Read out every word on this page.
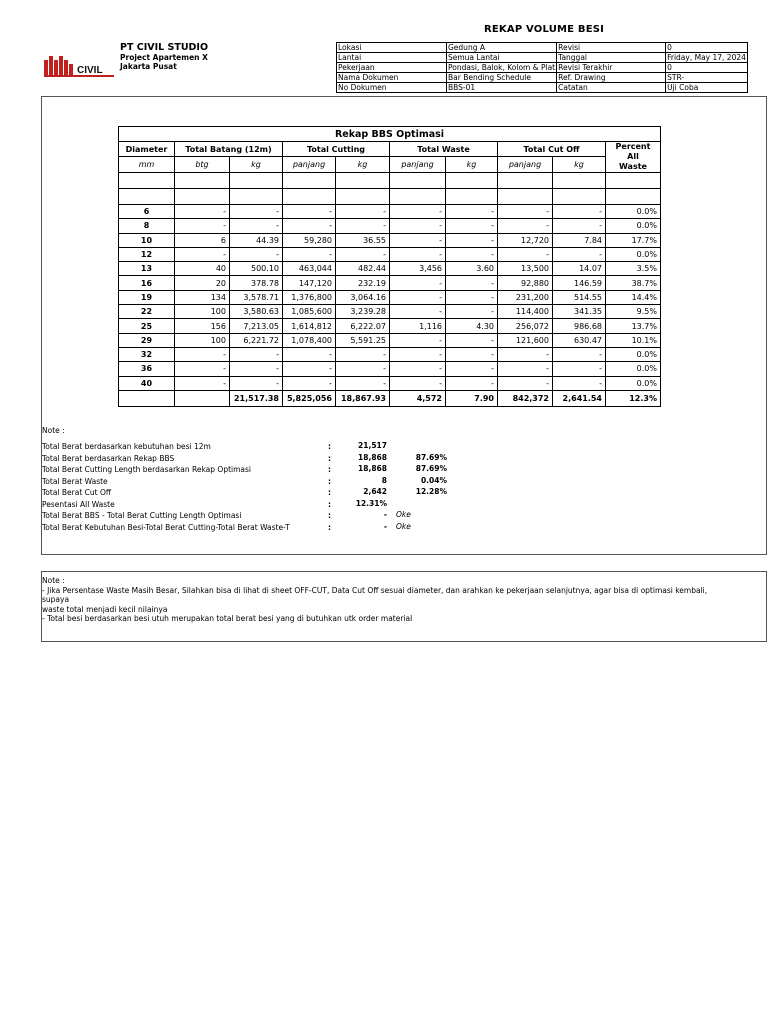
REKAP VOLUME BESI
CIVIL
PT CIVIL STUDIO
Project Apartemen X
Jakarta Pusat
Lokasi	Gedung A	Revisi	0
Lantai	Semua Lantai	Tanggal	Friday, May 17, 2024
Pekerjaan	Pondasi, Balok, Kolom & Plat	Revisi Terakhir	0
Nama Dokumen	Bar Bending Schedule	Ref. Drawing	STR-
No Dokumen	BBS-01	Catatan	Uji Coba
Rekap BBS Optimasi									
Diameter	Total Batang (12m)		Total Cutting		Total Waste		Total Cut Off		Percent All
Waste
mm	btg	kg	panjang	kg	panjang	kg	panjang	kg	

6	-	-	-	-	-	-	-	-	0.0%
8	-	-	-	-	-	-	-	-	0.0%
10	6	44.39	59,280	36.55	-	-	12,720	7.84	17.7%
12	-	-	-	-	-	-	-	-	0.0%
13	40	500.10	463,044	482.44	3,456	3.60	13,500	14.07	3.5%
16	20	378.78	147,120	232.19	-	-	92,880	146.59	38.7%
19	134	3,578.71	1,376,800	3,064.16	-	-	231,200	514.55	14.4%
22	100	3,580.63	1,085,600	3,239.28	-	-	114,400	341.35	9.5%
25	156	7,213.05	1,614,812	6,222.07	1,116	4.30	256,072	986.68	13.7%
29	100	6,221.72	1,078,400	5,591.25	-	-	121,600	630.47	10.1%
32	-	-	-	-	-	-	-	-	0.0%
36	-	-	-	-	-	-	-	-	0.0%
40	-	-	-	-	-	-	-	-	0.0%
		21,517.38	5,825,056	18,867.93	4,572	7.90	842,372	2,641.54	12.3%
Note :
Total Berat berdasarkan kebutuhan besi 12m	:	21,517
Total Berat berdasarkan Rekap BBS	:	18,868	87.69%
Total Berat Cutting Length berdasarkan Rekap Optimasi	:	18,868	87.69%
Total Berat Waste	:	8	0.04%
Total Berat Cut Off	:	2,642	12.28%
Pesentasi All Waste	:	12.31%
Total Berat BBS - Total Berat Cutting Length Optimasi	:	- Oke
Total Berat Kebutuhan Besi-Total Berat Cutting-Total Berat Waste-T	:	- Oke
Note :
- Jika Persentase Waste Masih Besar, Silahkan bisa di lihat di sheet OFF-CUT, Data Cut Off sesuai diameter, dan arahkan ke pekerjaan selanjutnya, agar bisa di optimasi kembali, supaya
waste total menjadi kecil nilainya
- Total besi berdasarkan besi utuh merupakan total berat besi yang di butuhkan utk order material
